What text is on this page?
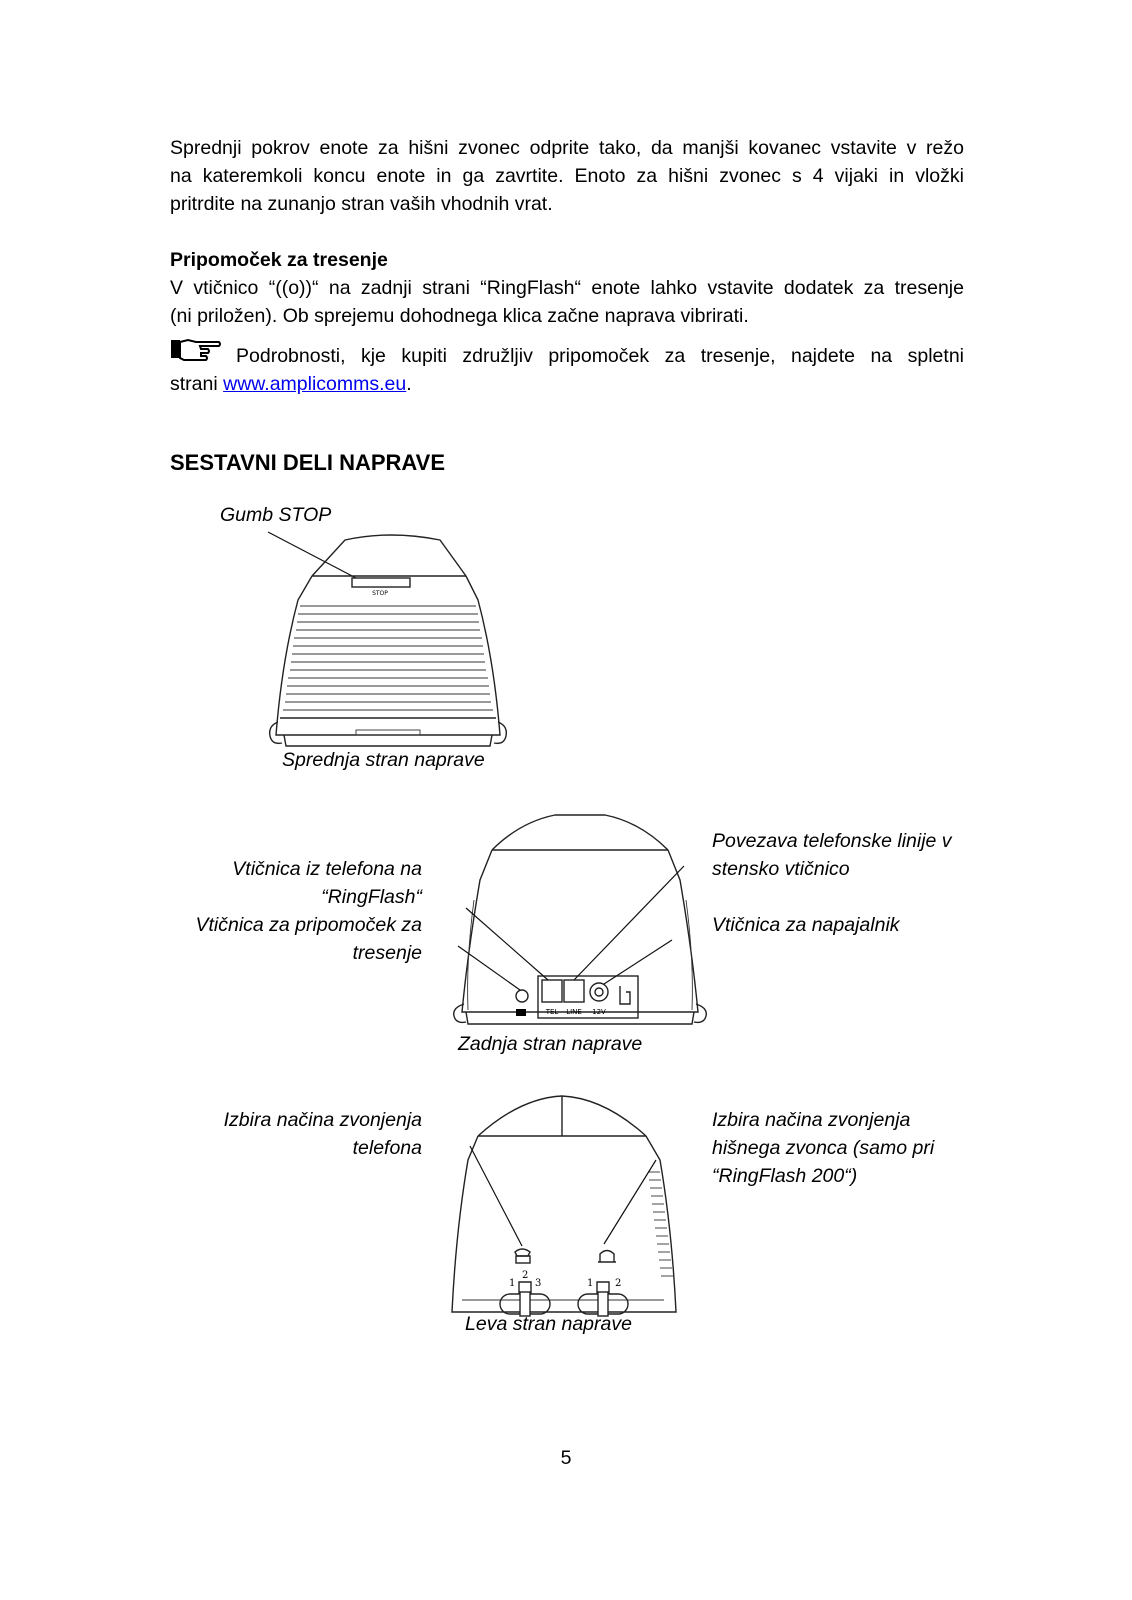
Sprednji pokrov enote za hišni zvonec odprite tako, da manjši kovanec vstavite v režo

na kateremkoli koncu enote in ga zavrtite. Enoto za hišni zvonec s 4 vijaki in vložki

pritrdite na zunanjo stran vaših vhodnih vrat.

Pripomoček za tresenje

V vtičnico “((o))“ na zadnji strani “RingFlash“ enote lahko vstavite dodatek za tresenje

(ni priložen). Ob sprejemu dohodnega klica začne naprava vibrirati.

Podrobnosti, kje kupiti združljiv pripomoček za tresenje, najdete na spletni

strani www.amplicomms.eu.

SESTAVNI DELI NAPRAVE

Gumb STOP

STOP

Sprednja stran naprave

Vtičnica iz telefona na

“RingFlash“

Vtičnica za pripomoček za

tresenje

Povezava telefonske linije v

stensko vtičnico

Vtičnica za napajalnik

TEL LINE 12V

Zadnja stran naprave

Izbira načina zvonjenja

telefona

Izbira načina zvonjenja

hišnega zvonca (samo pri

“RingFlash 200“)

1
2
3	1 2

Leva stran naprave

5
